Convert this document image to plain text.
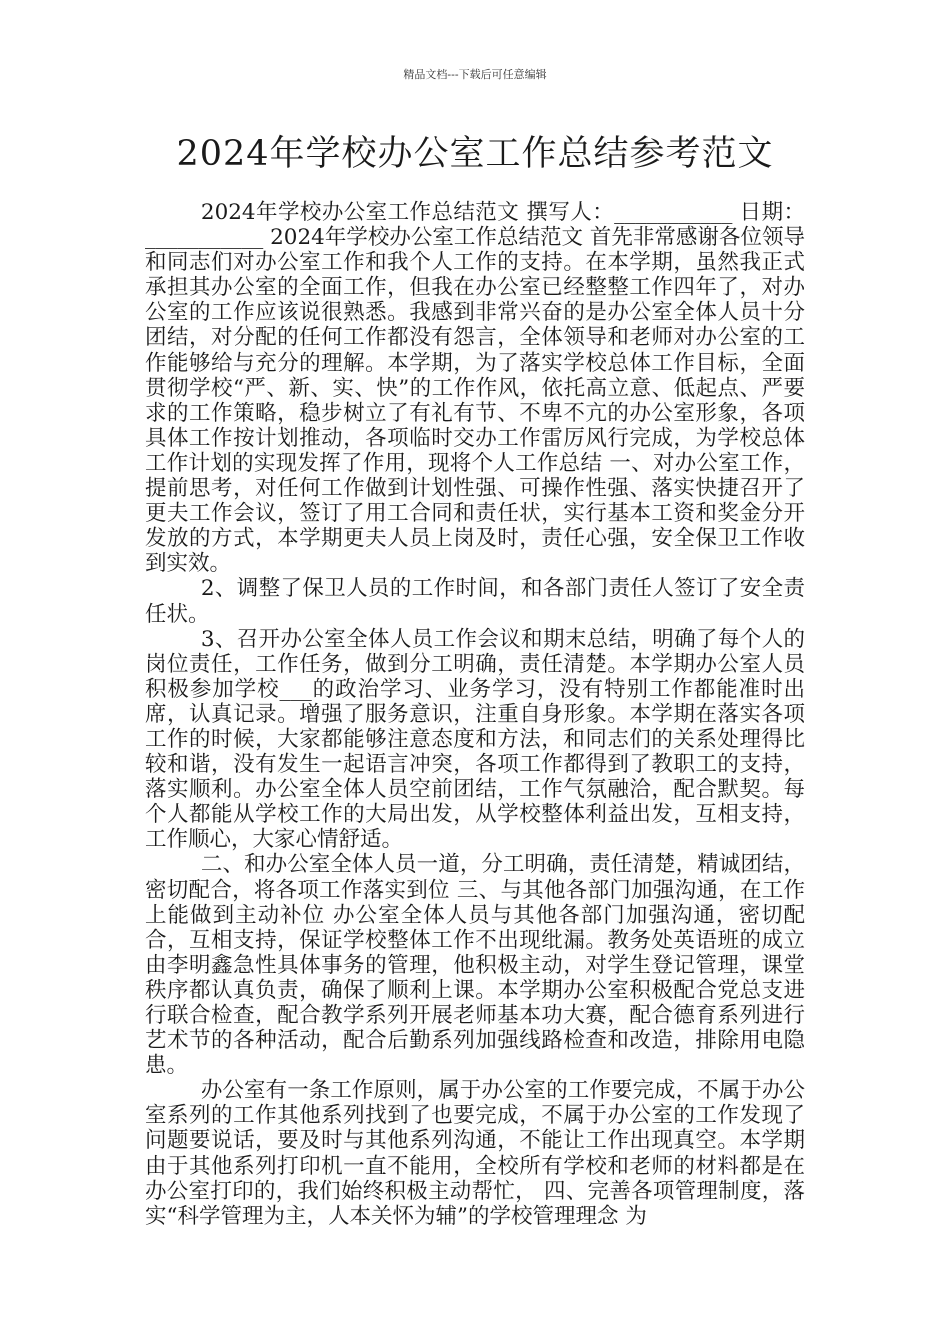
精品文档---下载后可任意编辑
2024年学校办公室工作总结参考范文

2024年学校办公室工作总结范文 撰写人：___________ 日期：___________ 2024年学校办公室工作总结范文 首先非常感谢各位领导和同志们对办公室工作和我个人工作的支持。在本学期，虽然我正式承担其办公室的全面工作，但我在办公室已经整整工作四年了，对办公室的工作应该说很熟悉。我感到非常兴奋的是办公室全体人员十分团结，对分配的任何工作都没有怨言，全体领导和老师对办公室的工作能够给与充分的理解。本学期，为了落实学校总体工作目标，全面贯彻学校“严、新、实、快”的工作作风，依托高立意、低起点、严要求的工作策略，稳步树立了有礼有节、不卑不亢的办公室形象，各项具体工作按计划推动，各项临时交办工作雷厉风行完成，为学校总体工作计划的实现发挥了作用，现将个人工作总结 一、对办公室工作，提前思考，对任何工作做到计划性强、可操作性强、落实快捷召开了更夫工作会议，签订了用工合同和责任状，实行基本工资和奖金分开发放的方式，本学期更夫人员上岗及时，责任心强，安全保卫工作收到实效。

2、调整了保卫人员的工作时间，和各部门责任人签订了安全责任状。

3、召开办公室全体人员工作会议和期末总结，明确了每个人的岗位责任，工作任务，做到分工明确，责任清楚。本学期办公室人员积极参加学校___的政治学习、业务学习，没有特别工作都能准时出席，认真记录。增强了服务意识，注重自身形象。本学期在落实各项工作的时候，大家都能够注意态度和方法，和同志们的关系处理得比较和谐，没有发生一起语言冲突，各项工作都得到了教职工的支持，落实顺利。办公室全体人员空前团结，工作气氛融洽，配合默契。每个人都能从学校工作的大局出发，从学校整体利益出发，互相支持，工作顺心，大家心情舒适。

二、和办公室全体人员一道，分工明确，责任清楚，精诚团结，密切配合，将各项工作落实到位 三、与其他各部门加强沟通，在工作上能做到主动补位 办公室全体人员与其他各部门加强沟通，密切配合，互相支持，保证学校整体工作不出现纰漏。教务处英语班的成立由李明鑫急性具体事务的管理，他积极主动，对学生登记管理，课堂秩序都认真负责，确保了顺利上课。本学期办公室积极配合党总支进行联合检查，配合教学系列开展老师基本功大赛，配合德育系列进行艺术节的各种活动，配合后勤系列加强线路检查和改造，排除用电隐患。

办公室有一条工作原则，属于办公室的工作要完成，不属于办公室系列的工作其他系列找到了也要完成，不属于办公室的工作发现了问题要说话，要及时与其他系列沟通，不能让工作出现真空。本学期由于其他系列打印机一直不能用，全校所有学校和老师的材料都是在办公室打印的，我们始终积极主动帮忙， 四、完善各项管理制度，落实“科学管理为主，人本关怀为辅”的学校管理理念 为
